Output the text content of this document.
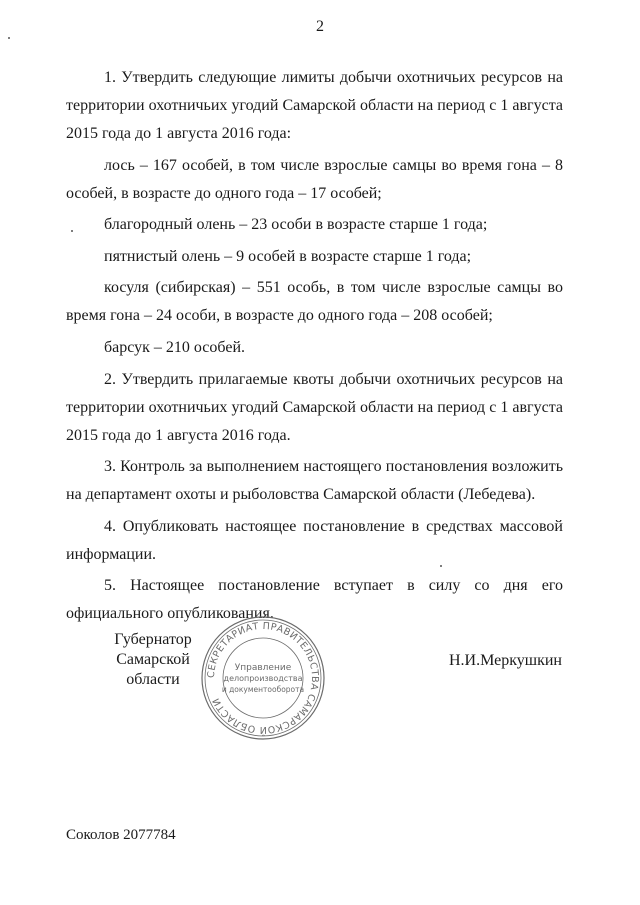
2

1. Утвердить следующие лимиты добычи охотничьих ресурсов на территории охотничьих угодий Самарской области на период с 1 августа 2015 года до 1 августа 2016 года:

лось – 167 особей, в том числе взрослые самцы во время гона – 8 особей, в возрасте до одного года – 17 особей;

благородный олень – 23 особи в возрасте старше 1 года;

пятнистый олень – 9 особей в возрасте старше 1 года;

косуля (сибирская) – 551 особь, в том числе взрослые самцы во время гона – 24 особи, в возрасте до одного года – 208 особей;

барсук – 210 особей.

2. Утвердить прилагаемые квоты добычи охотничьих ресурсов на территории охотничьих угодий Самарской области на период с 1 августа 2015 года до 1 августа 2016 года.

3. Контроль за выполнением настоящего постановления возложить на департамент охоты и рыболовства Самарской области (Лебедева).

4. Опубликовать настоящее постановление в средствах массовой информации.

5. Настоящее постановление вступает в силу со дня его официального опубликования.

Губернатор
Самарской области
Н.И.Меркушкин
СЕКРЕТАРИАТ ПРАВИТЕЛЬСТВА САМАРСКОЙ ОБЛАСТИ
Управление
делопроизводства
и документооборота
Соколов 2077784
